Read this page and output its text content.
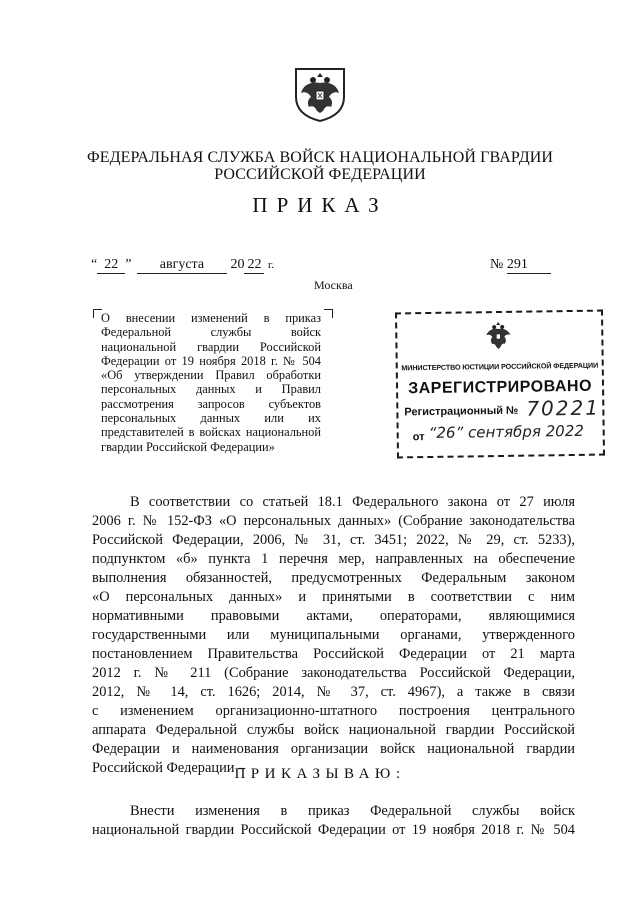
ФЕДЕРАЛЬНАЯ СЛУЖБА ВОЙСК НАЦИОНАЛЬНОЙ ГВАРДИИ
РОССИЙСКОЙ ФЕДЕРАЦИИ
ПРИКАЗ
“ 22 ” августа 20 22 г.	№ 291
Москва
О внесении изменений в приказ
Федеральной службы войск
национальной гвардии Российской
Федерации от 19 ноября 2018 г. № 504
«Об утверждении Правил обработки
персональных данных и Правил
рассмотрения запросов субъектов
персональных данных или их
представителей в войсках национальной
гвардии Российской Федерации»
МИНИСТЕРСТВО ЮСТИЦИИ РОССИЙСКОЙ ФЕДЕРАЦИИ
ЗАРЕГИСТРИРОВАНО
Регистрационный № 70221
от “26” сентября 2022
В соответствии со статьей 18.1 Федерального закона от 27 июля
2006 г. № 152-ФЗ «О персональных данных» (Собрание законодательства
Российской Федерации, 2006, № 31, ст. 3451; 2022, № 29, ст. 5233),
подпунктом «б» пункта 1 перечня мер, направленных на обеспечение
выполнения обязанностей, предусмотренных Федеральным законом
«О персональных данных» и принятыми в соответствии с ним
нормативными правовыми актами, операторами, являющимися
государственными или муниципальными органами, утвержденного
постановлением Правительства Российской Федерации от 21 марта
2012 г. № 211 (Собрание законодательства Российской Федерации,
2012, № 14, ст. 1626; 2014, № 37, ст. 4967), а также в связи
с изменением организационно-штатного построения центрального
аппарата Федеральной службы войск национальной гвардии Российской
Федерации и наименования организации войск национальной гвардии
Российской Федерации –
ПРИКАЗЫВАЮ:
Внести изменения в приказ Федеральной службы войск
национальной гвардии Российской Федерации от 19 ноября 2018 г. № 504
